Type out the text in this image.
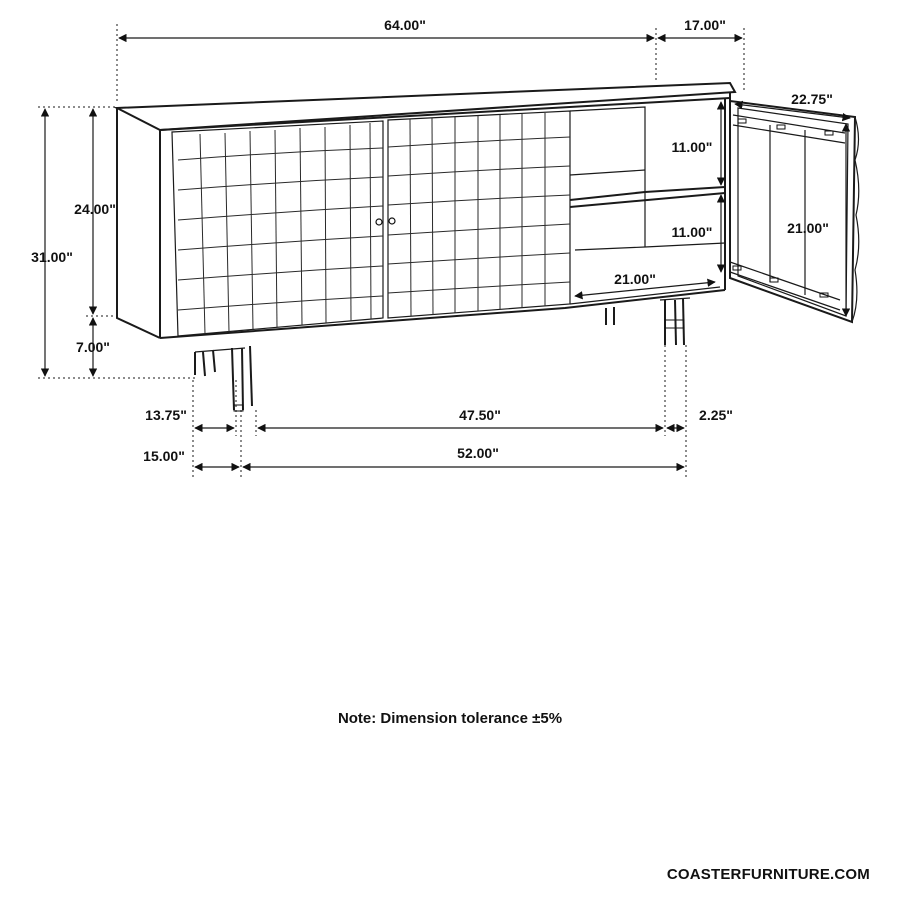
64.00"	17.00"
22.75"
11.00"
11.00"	21.00"
21.00"
24.00"
31.00"
7.00"
13.75"	47.50"	2.25"
15.00"	52.00"
Note: Dimension tolerance ±5%
COASTERFURNITURE.COM
